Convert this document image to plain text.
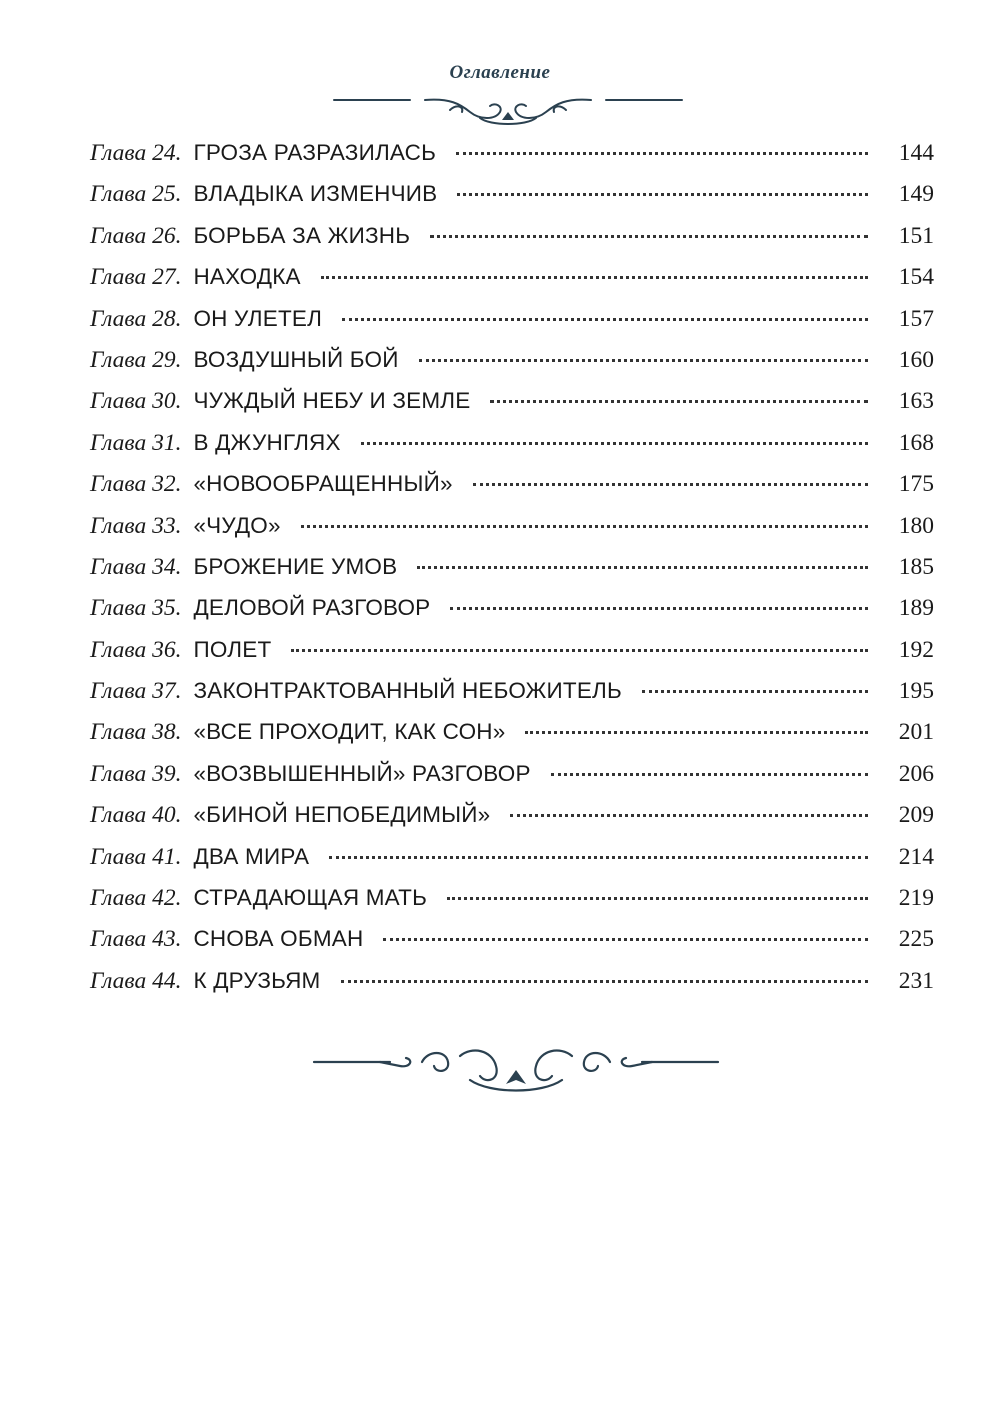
Оглавление
Глава 24. ГРОЗА РАЗРАЗИЛАСЬ	144
Глава 25. ВЛАДЫКА ИЗМЕНЧИВ	149
Глава 26. БОРЬБА ЗА ЖИЗНЬ	151
Глава 27. НАХОДКА	154
Глава 28. ОН УЛЕТЕЛ	157
Глава 29. ВОЗДУШНЫЙ БОЙ	160
Глава 30. ЧУЖДЫЙ НЕБУ И ЗЕМЛЕ	163
Глава 31. В ДЖУНГЛЯХ	168
Глава 32. «НОВООБРАЩЕННЫЙ»	175
Глава 33. «ЧУДО»	180
Глава 34. БРОЖЕНИЕ УМОВ	185
Глава 35. ДЕЛОВОЙ РАЗГОВОР	189
Глава 36. ПОЛЕТ	192
Глава 37. ЗАКОНТРАКТОВАННЫЙ НЕБОЖИТЕЛЬ	195
Глава 38. «ВСЕ ПРОХОДИТ, КАК СОН»	201
Глава 39. «ВОЗВЫШЕННЫЙ» РАЗГОВОР	206
Глава 40. «БИНОЙ НЕПОБЕДИМЫЙ»	209
Глава 41. ДВА МИРА	214
Глава 42. СТРАДАЮЩАЯ МАТЬ	219
Глава 43. СНОВА ОБМАН	225
Глава 44. К ДРУЗЬЯМ	231
